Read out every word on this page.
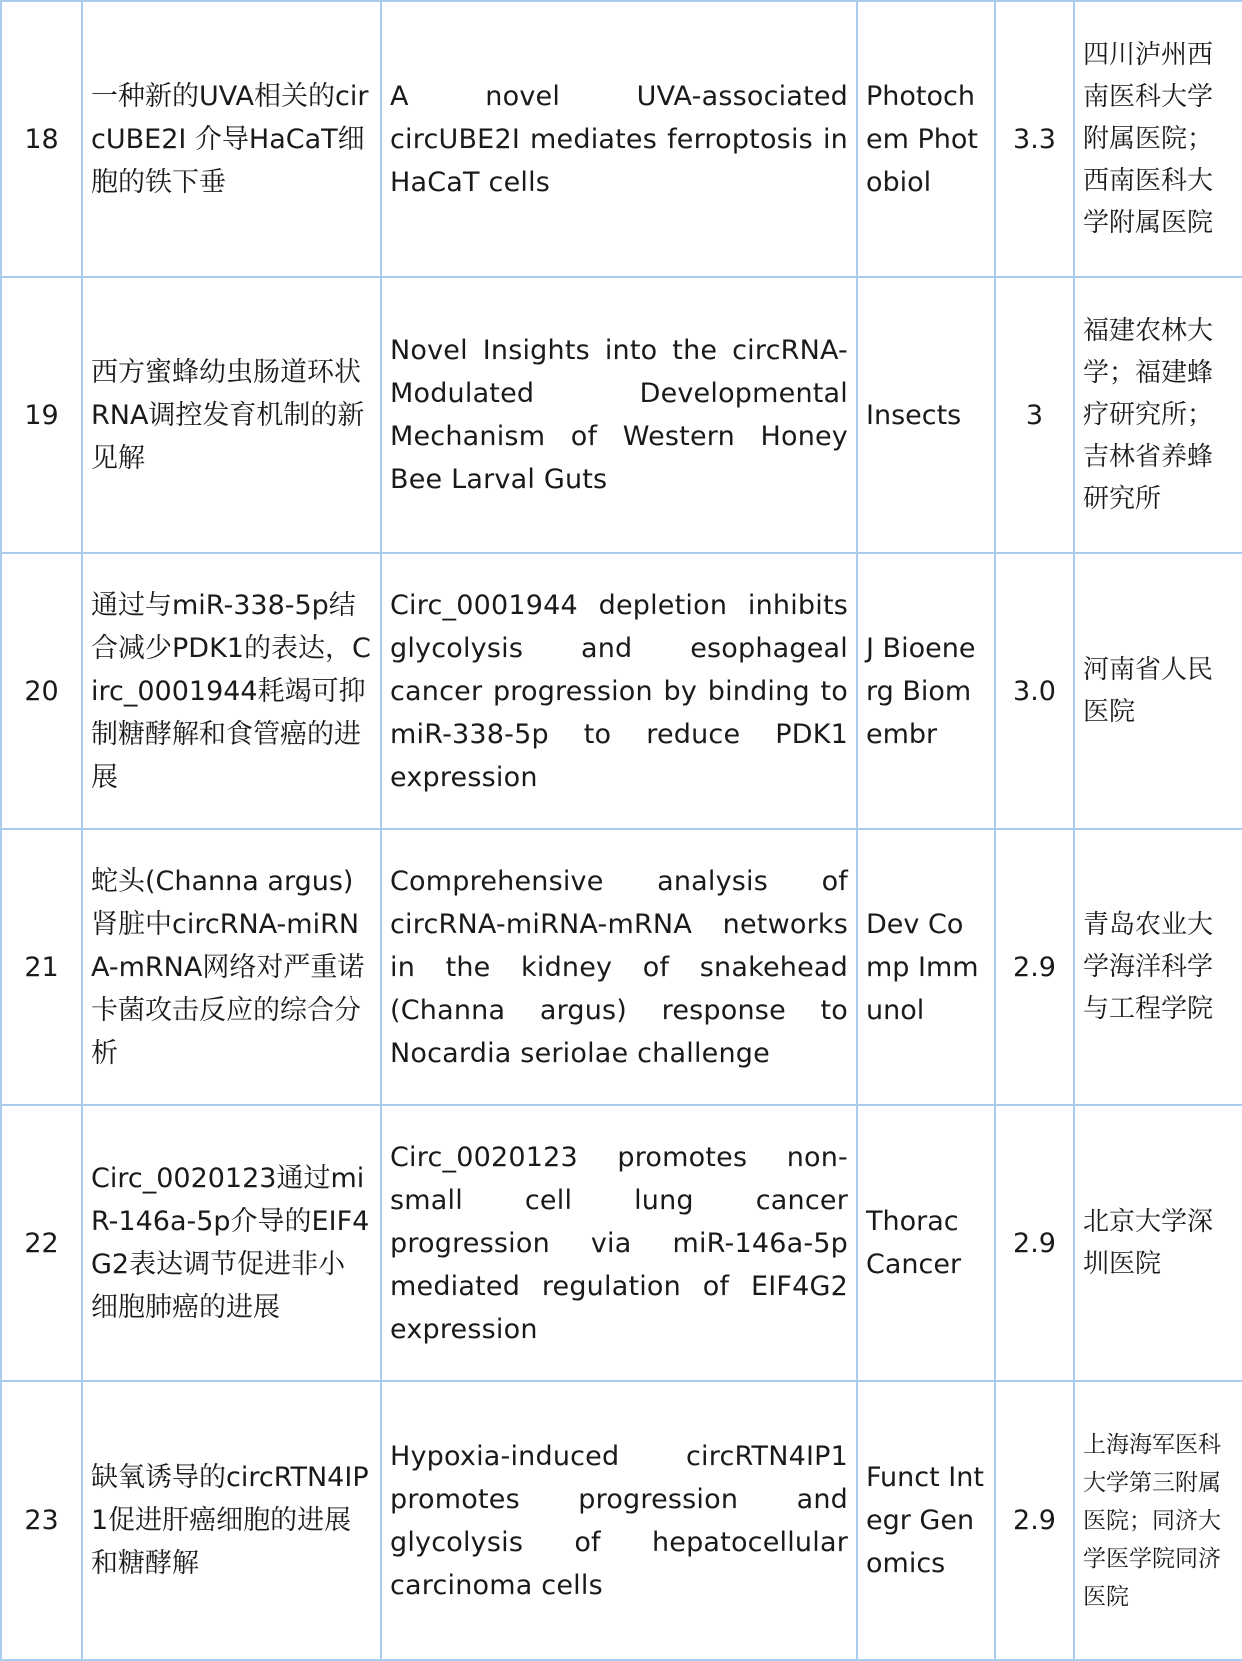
18	一种新的UVA相关的circUBE2I 介导HaCaT细胞的铁下垂	A novel UVA-associated circUBE2I mediates ferroptosis in HaCaT cells	Photochem Photobiol	3.3	四川泸州西南医科大学附属医院；西南医科大学附属医院
19	西方蜜蜂幼虫肠道环状RNA调控发育机制的新见解	Novel Insights into the circRNA-Modulated Developmental Mechanism of Western Honey Bee Larval Guts	Insects	3	福建农林大学；福建蜂疗研究所；吉林省养蜂研究所
20	通过与miR-338-5p结合减少PDK1的表达，Circ_0001944耗竭可抑制糖酵解和食管癌的进展	Circ_0001944 depletion inhibits glycolysis and esophageal cancer progression by binding to miR-338-5p to reduce PDK1 expression	J Bioenerg Biomembr	3.0	河南省人民医院
21	蛇头(Channa argus)肾脏中circRNA-miRNA-mRNA网络对严重诺卡菌攻击反应的综合分析	Comprehensive analysis of circRNA-miRNA-mRNA networks in the kidney of snakehead (Channa argus) response to Nocardia seriolae challenge	Dev Comp Immunol	2.9	青岛农业大学海洋科学与工程学院
22	Circ_0020123通过miR-146a-5p介导的EIF4G2表达调节促进非小细胞肺癌的进展	Circ_0020123 promotes non-small cell lung cancer progression via miR-146a-5p mediated regulation of EIF4G2 expression	Thorac Cancer	2.9	北京大学深圳医院
23	缺氧诱导的circRTN4IP1促进肝癌细胞的进展和糖酵解	Hypoxia-induced circRTN4IP1 promotes progression and glycolysis of hepatocellular carcinoma cells	Funct Integr Genomics	2.9	上海海军医科大学第三附属医院；同济大学医学院同济医院
